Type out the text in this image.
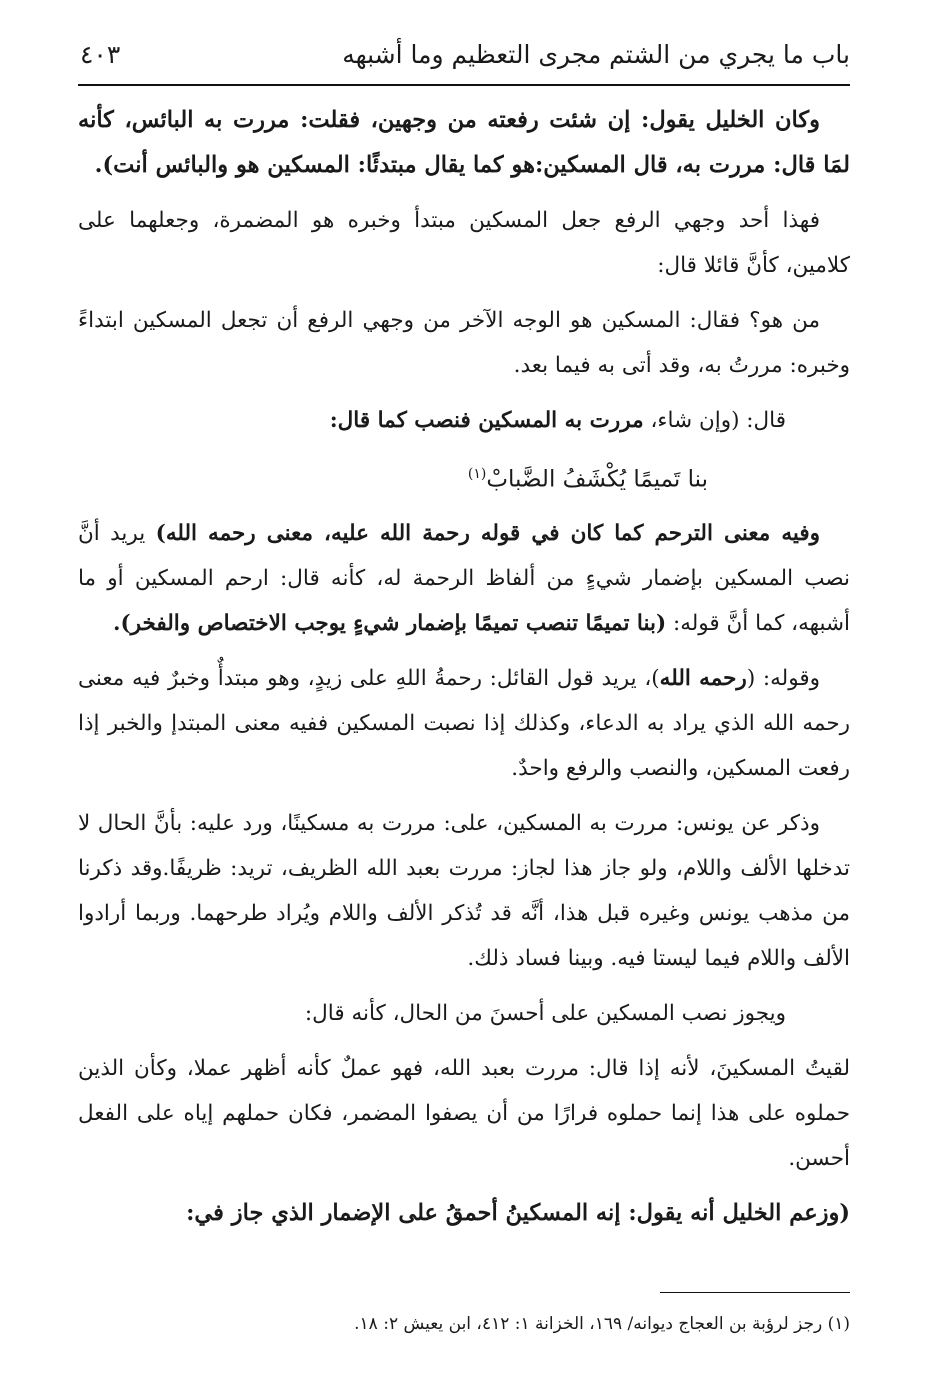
باب ما يجري من الشتم مجرى التعظيم وما أشبهه
٤٠٣

وكان الخليل يقول: إن شئت رفعته من وجهين، فقلت: مررت به البائس، كأنه لمَا قال: مررت به، قال المسكين:هو كما يقال مبتدئًا: المسكين هو والبائس أنت).

فهذا أحد وجهي الرفع جعل المسكين مبتدأ وخبره هو المضمرة، وجعلهما على كلامين، كأنَّ قائلا قال:

من هو؟ فقال: المسكين هو الوجه الآخر من وجهي الرفع أن تجعل المسكين ابتداءً وخبره: مررتُ به، وقد أتى به فيما بعد.

قال: (وإن شاء، مررت به المسكين فنصب كما قال:

بنا تَميمًا يُكْشَفُ الضَّبابْ$^{(١)}$

وفيه معنى الترحم كما كان في قوله رحمة الله عليه، معنى رحمه الله) يريد أنَّ نصب المسكين بإضمار شيءٍ من ألفاظ الرحمة له، كأنه قال: ارحم المسكين أو ما أشبهه، كما أنَّ قوله: (بنا تميمًا تنصب تميمًا بإضمار شيءٍ يوجب الاختصاص والفخر).

وقوله: (رحمه الله)، يريد قول القائل: رحمةُ اللهِ على زيدٍ، وهو مبتدأٌ وخبرٌ فيه معنى رحمه الله الذي يراد به الدعاء، وكذلك إذا نصبت المسكين ففيه معنى المبتدإ والخبر إذا رفعت المسكين، والنصب والرفع واحدٌ.

وذكر عن يونس: مررت به المسكين، على: مررت به مسكينًا، ورد عليه: بأنَّ الحال لا تدخلها الألف واللام، ولو جاز هذا لجاز: مررت بعبد الله الظريف، تريد: ظريفًا.وقد ذكرنا من مذهب يونس وغيره قبل هذا، أنَّه قد تُذكر الألف واللام ويُراد طرحهما. وربما أرادوا الألف واللام فيما ليستا فيه. وبينا فساد ذلك.

ويجوز نصب المسكين على أحسنَ من الحال، كأنه قال:

لقيتُ المسكينَ، لأنه إذا قال: مررت بعبد الله، فهو عملٌ كأنه أظهر عملا، وكأن الذين حملوه على هذا إنما حملوه فرارًا من أن يصفوا المضمر، فكان حملهم إياه على الفعل أحسن.

(وزعم الخليل أنه يقول: إنه المسكينُ أحمقُ على الإضمار الذي جاز في:

(١) رجز لرؤبة بن العجاج ديوانه/ ١٦٩، الخزانة ١: ٤١٢، ابن يعيش ٢: ١٨.
